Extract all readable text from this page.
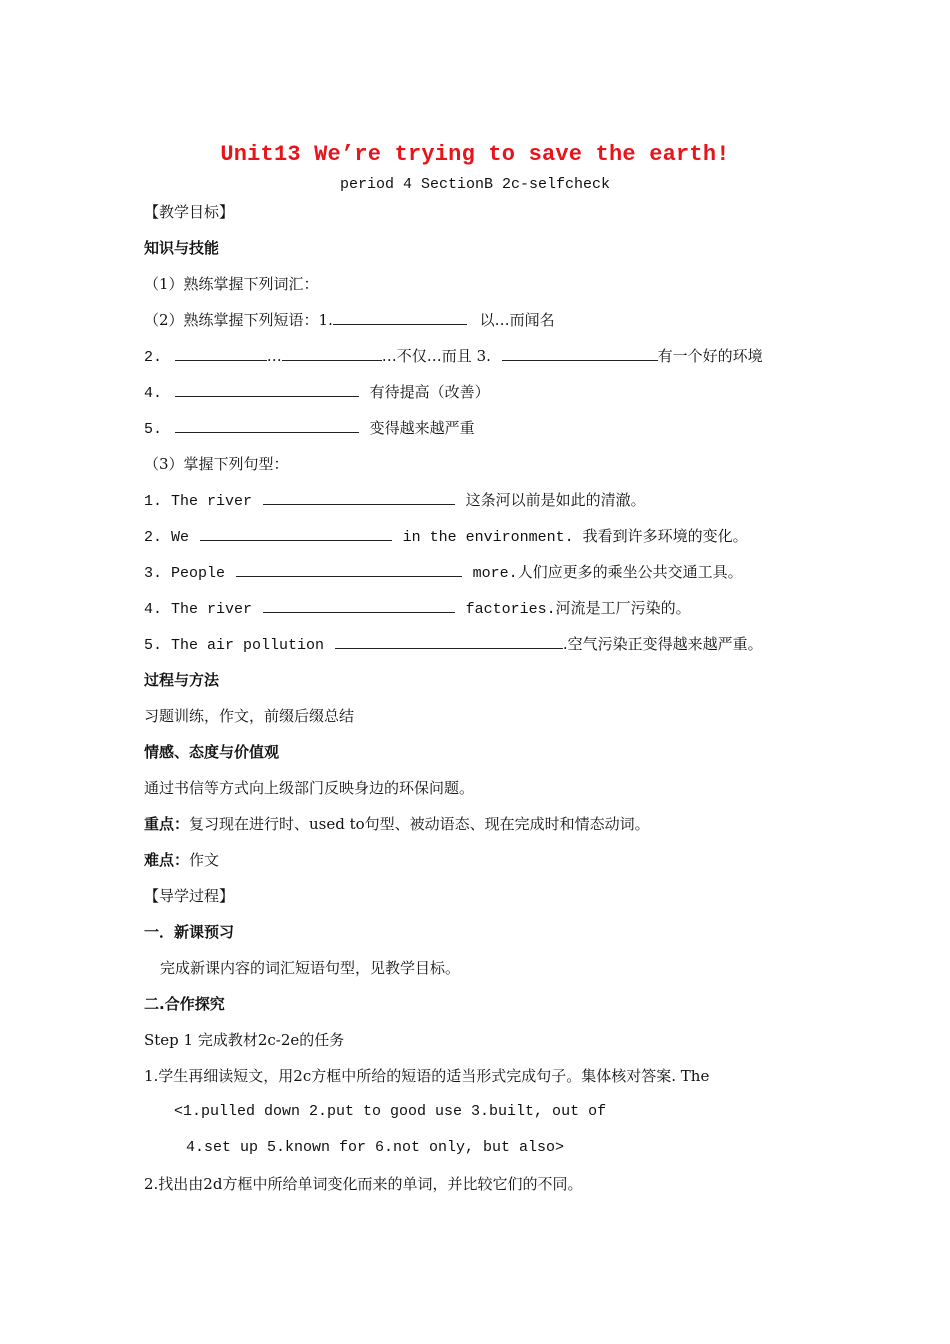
Unit13 We’re trying to save the earth!
period 4 SectionB 2c-selfcheck
【教学目标】
知识与技能
（1）熟练掌握下列词汇：
（2）熟练掌握下列短语：1.	以…而闻名
2.	…	…不仅…而且 3.	有一个好的环境
4.	有待提高（改善）
5.	变得越来越严重
（3）掌握下列句型：
1. The river	这条河以前是如此的清澈。
2. We	in the environment. 我看到许多环境的变化。
3. People	more.人们应更多的乘坐公共交通工具。
4. The river	factories.河流是工厂污染的。
5. The air pollution	.空气污染正变得越来越严重。
过程与方法
习题训练，作文，前缀后缀总结
情感、态度与价值观
通过书信等方式向上级部门反映身边的环保问题。
重点：复习现在进行时、used to句型、被动语态、现在完成时和情态动词。
难点：作文
【导学过程】
一．新课预习
完成新课内容的词汇短语句型，见教学目标。
二.合作探究
Step 1 完成教材2c-2e的任务
1.学生再细读短文，用2c方框中所给的短语的适当形式完成句子。集体核对答案. The
<1.pulled down 2.put to good use 3.built, out of
4.set up 5.known for 6.not only, but also>
2.找出由2d方框中所给单词变化而来的单词，并比较它们的不同。
